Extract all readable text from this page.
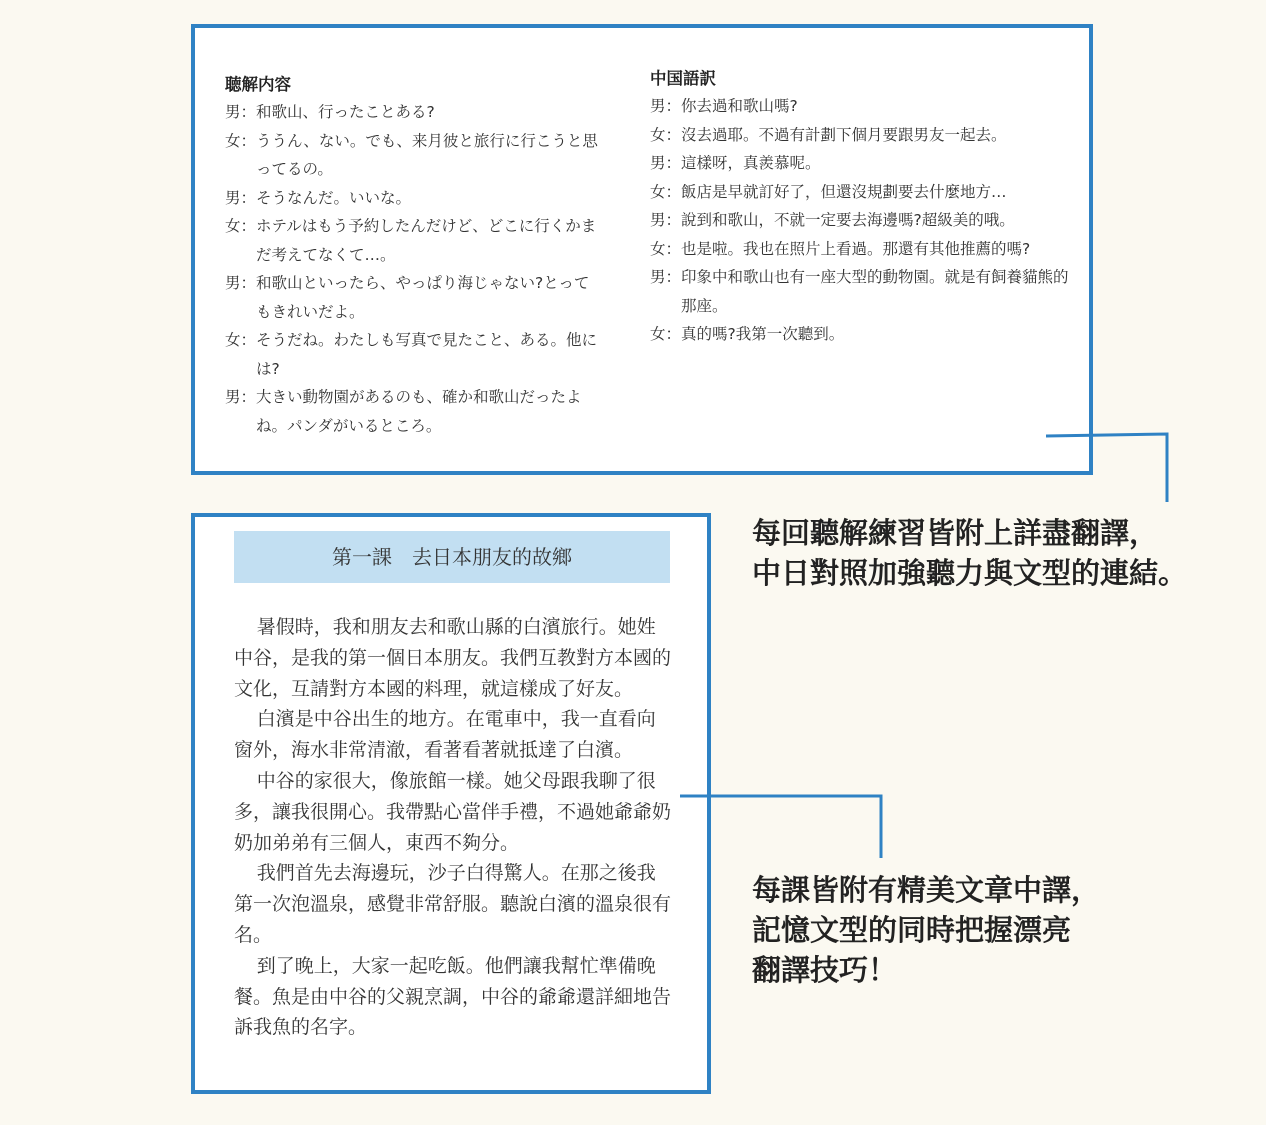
聴解内容
男： 和歌山、行ったことある?
女： ううん、ない。でも、来月彼と旅行に行こうと思ってるの。
男： そうなんだ。いいな。
女： ホテルはもう予約したんだけど、どこに行くかまだ考えてなくて…。
男： 和歌山といったら、やっぱり海じゃない?とってもきれいだよ。
女： そうだね。わたしも写真で見たこと、ある。他には?
男： 大きい動物園があるのも、確か和歌山だったよね。パンダがいるところ。
中国語訳
男： 你去過和歌山嗎?
女： 沒去過耶。不過有計劃下個月要跟男友一起去。
男： 這樣呀，真羨慕呢。
女： 飯店是早就訂好了，但還沒規劃要去什麼地方…
男： 說到和歌山，不就一定要去海邊嗎?超級美的哦。
女： 也是啦。我也在照片上看過。那還有其他推薦的嗎?
男： 印象中和歌山也有一座大型的動物園。就是有飼養貓熊的那座。
女： 真的嗎?我第一次聽到。
第一課　去日本朋友的故鄉

暑假時，我和朋友去和歌山縣的白濱旅行。她姓中谷，是我的第一個日本朋友。我們互教對方本國的文化，互請對方本國的料理，就這樣成了好友。

白濱是中谷出生的地方。在電車中，我一直看向窗外，海水非常清澈，看著看著就抵達了白濱。

中谷的家很大，像旅館一樣。她父母跟我聊了很多，讓我很開心。我帶點心當伴手禮，不過她爺爺奶奶加弟弟有三個人，東西不夠分。

我們首先去海邊玩，沙子白得驚人。在那之後我第一次泡溫泉，感覺非常舒服。聽說白濱的溫泉很有名。

到了晚上，大家一起吃飯。他們讓我幫忙準備晚餐。魚是由中谷的父親烹調，中谷的爺爺還詳細地告訴我魚的名字。

每回聽解練習皆附上詳盡翻譯，
中日對照加強聽力與文型的連結。
每課皆附有精美文章中譯，
記憶文型的同時把握漂亮
翻譯技巧！
